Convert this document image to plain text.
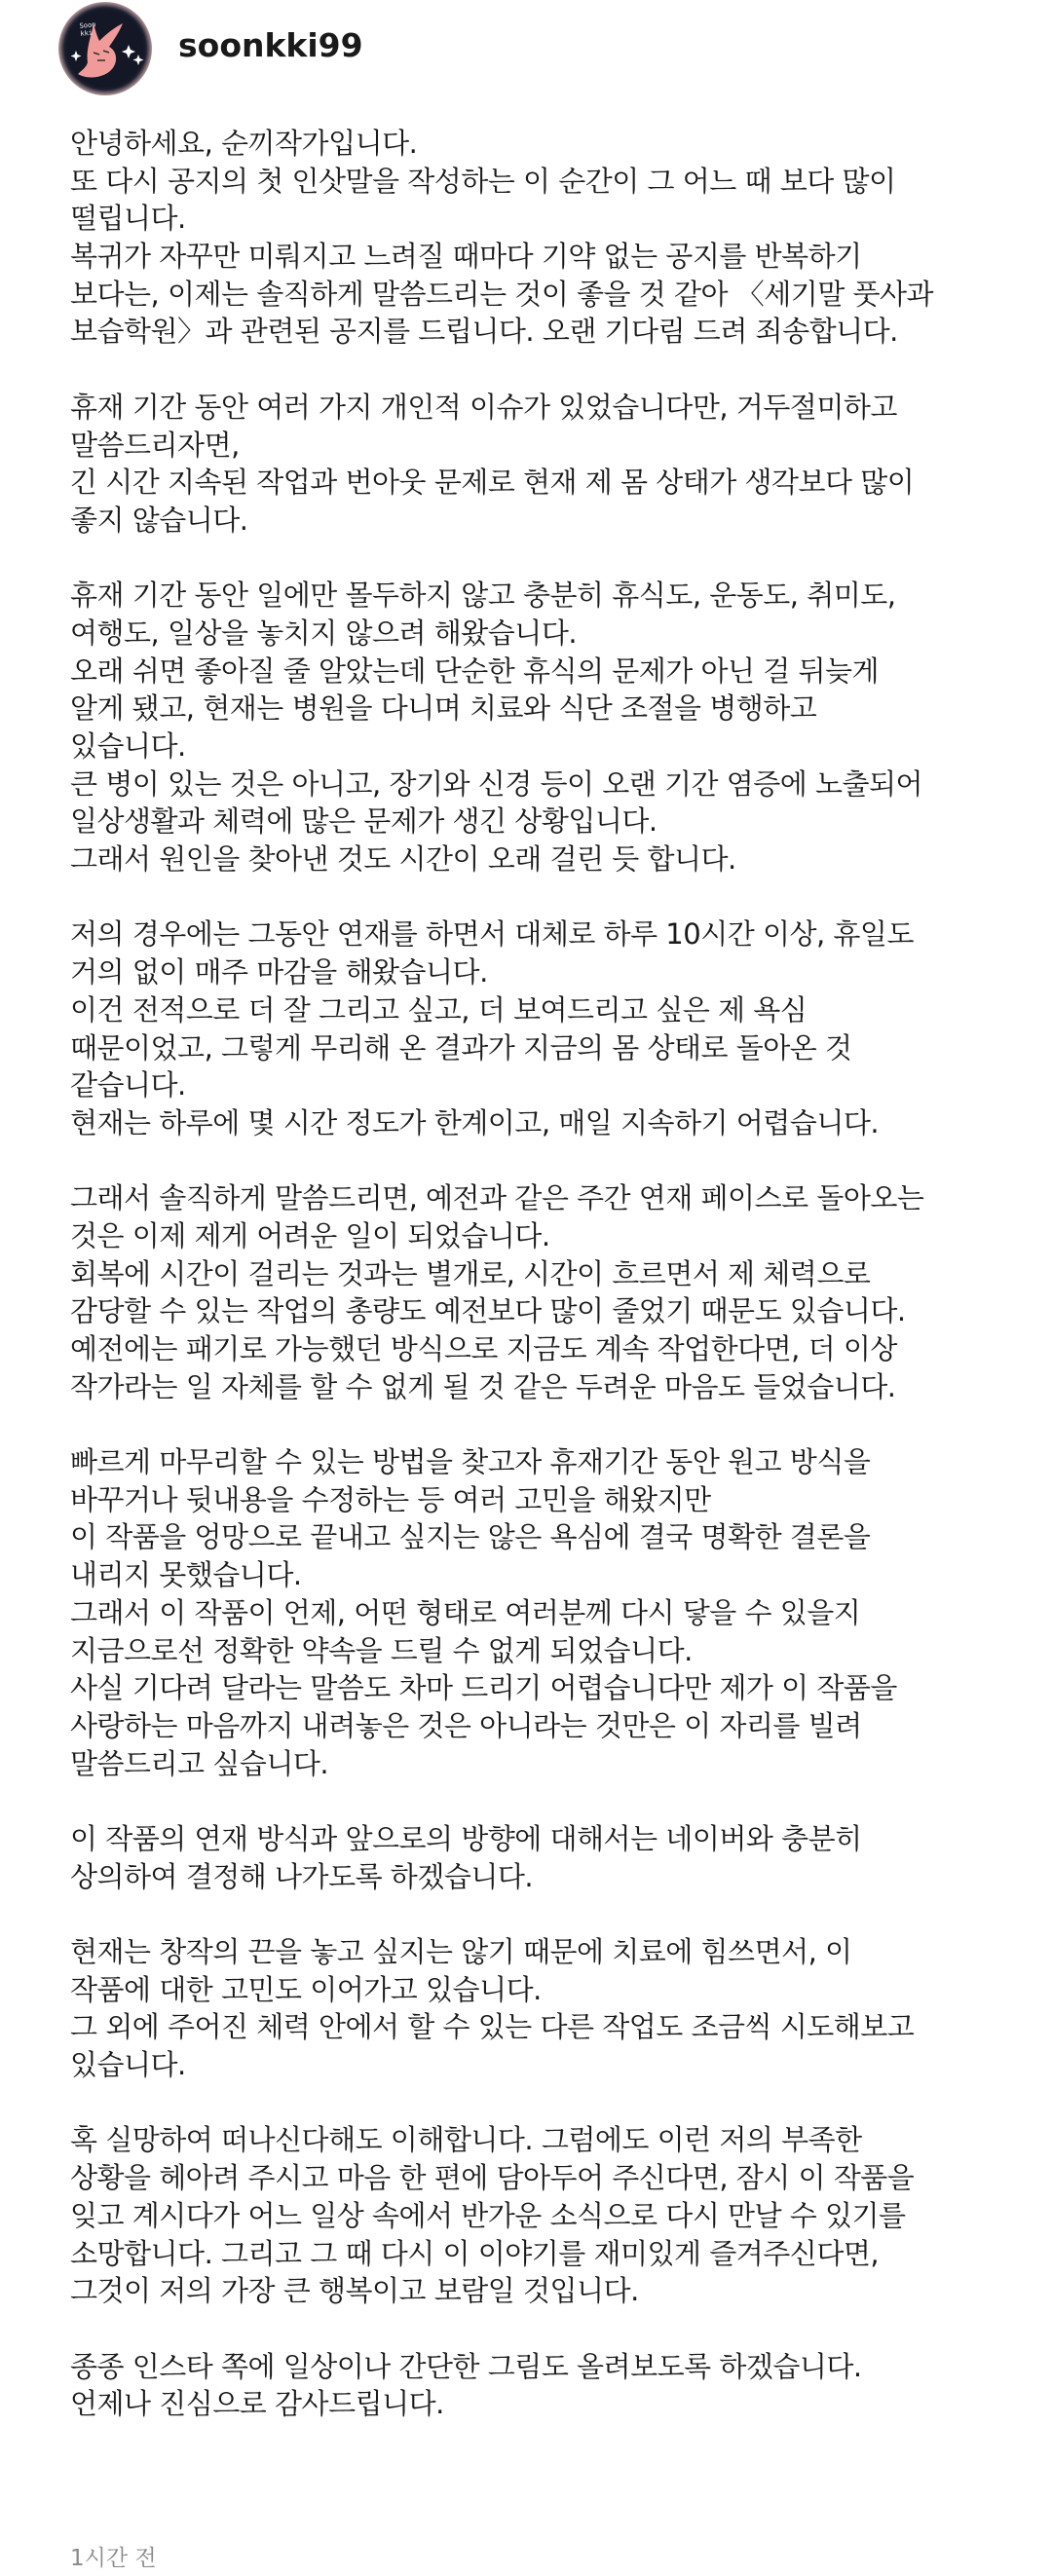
Soon kki	soonkki99
안녕하세요, 순끼작가입니다.
또 다시 공지의 첫 인삿말을 작성하는 이 순간이 그 어느 때 보다 많이
떨립니다.
복귀가 자꾸만 미뤄지고 느려질 때마다 기약 없는 공지를 반복하기
보다는, 이제는 솔직하게 말씀드리는 것이 좋을 것 같아 〈세기말 풋사과
보습학원〉과 관련된 공지를 드립니다. 오랜 기다림 드려 죄송합니다.
휴재 기간 동안 여러 가지 개인적 이슈가 있었습니다만, 거두절미하고
말씀드리자면,
긴 시간 지속된 작업과 번아웃 문제로 현재 제 몸 상태가 생각보다 많이
좋지 않습니다.
휴재 기간 동안 일에만 몰두하지 않고 충분히 휴식도, 운동도, 취미도,
여행도, 일상을 놓치지 않으려 해왔습니다.
오래 쉬면 좋아질 줄 알았는데 단순한 휴식의 문제가 아닌 걸 뒤늦게
알게 됐고, 현재는 병원을 다니며 치료와 식단 조절을 병행하고
있습니다.
큰 병이 있는 것은 아니고, 장기와 신경 등이 오랜 기간 염증에 노출되어
일상생활과 체력에 많은 문제가 생긴 상황입니다.
그래서 원인을 찾아낸 것도 시간이 오래 걸린 듯 합니다.
저의 경우에는 그동안 연재를 하면서 대체로 하루 10시간 이상, 휴일도
거의 없이 매주 마감을 해왔습니다.
이건 전적으로 더 잘 그리고 싶고, 더 보여드리고 싶은 제 욕심
때문이었고, 그렇게 무리해 온 결과가 지금의 몸 상태로 돌아온 것
같습니다.
현재는 하루에 몇 시간 정도가 한계이고, 매일 지속하기 어렵습니다.
그래서 솔직하게 말씀드리면, 예전과 같은 주간 연재 페이스로 돌아오는
것은 이제 제게 어려운 일이 되었습니다.
회복에 시간이 걸리는 것과는 별개로, 시간이 흐르면서 제 체력으로
감당할 수 있는 작업의 총량도 예전보다 많이 줄었기 때문도 있습니다.
예전에는 패기로 가능했던 방식으로 지금도 계속 작업한다면, 더 이상
작가라는 일 자체를 할 수 없게 될 것 같은 두려운 마음도 들었습니다.
빠르게 마무리할 수 있는 방법을 찾고자 휴재기간 동안 원고 방식을
바꾸거나 뒷내용을 수정하는 등 여러 고민을 해왔지만
이 작품을 엉망으로 끝내고 싶지는 않은 욕심에 결국 명확한 결론을
내리지 못했습니다.
그래서 이 작품이 언제, 어떤 형태로 여러분께 다시 닿을 수 있을지
지금으로선 정확한 약속을 드릴 수 없게 되었습니다.
사실 기다려 달라는 말씀도 차마 드리기 어렵습니다만 제가 이 작품을
사랑하는 마음까지 내려놓은 것은 아니라는 것만은 이 자리를 빌려
말씀드리고 싶습니다.
이 작품의 연재 방식과 앞으로의 방향에 대해서는 네이버와 충분히
상의하여 결정해 나가도록 하겠습니다.
현재는 창작의 끈을 놓고 싶지는 않기 때문에 치료에 힘쓰면서, 이
작품에 대한 고민도 이어가고 있습니다.
그 외에 주어진 체력 안에서 할 수 있는 다른 작업도 조금씩 시도해보고
있습니다.
혹 실망하여 떠나신다해도 이해합니다. 그럼에도 이런 저의 부족한
상황을 헤아려 주시고 마음 한 편에 담아두어 주신다면, 잠시 이 작품을
잊고 계시다가 어느 일상 속에서 반가운 소식으로 다시 만날 수 있기를
소망합니다. 그리고 그 때 다시 이 이야기를 재미있게 즐겨주신다면,
그것이 저의 가장 큰 행복이고 보람일 것입니다.
종종 인스타 쪽에 일상이나 간단한 그림도 올려보도록 하겠습니다.
언제나 진심으로 감사드립니다.
1시간 전
